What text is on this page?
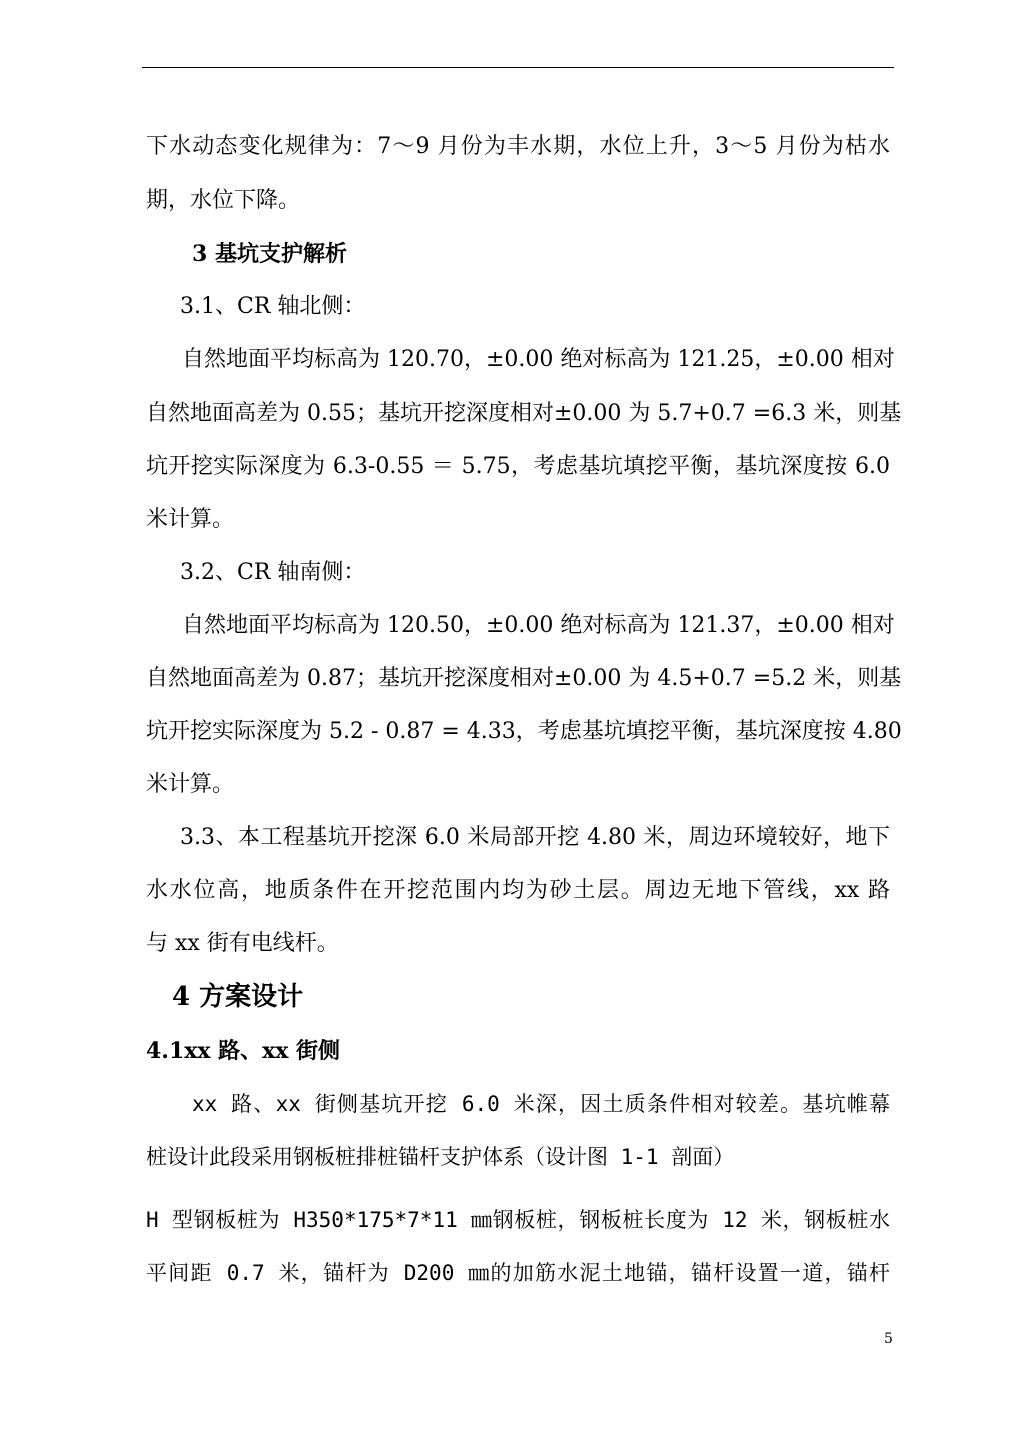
下水动态变化规律为：7～9 月份为丰水期，水位上升，3～5 月份为枯水
期，水位下降。
3 基坑支护解析
3.1、CR 轴北侧：
自然地面平均标高为 120.70，±0.00 绝对标高为 121.25，±0.00 相对
自然地面高差为 0.55；基坑开挖深度相对±0.00 为 5.7+0.7 =6.3 米，则基
坑开挖实际深度为 6.3-0.55 ＝ 5.75，考虑基坑填挖平衡，基坑深度按 6.0
米计算。
3.2、CR 轴南侧：
自然地面平均标高为 120.50，±0.00 绝对标高为 121.37，±0.00 相对
自然地面高差为 0.87；基坑开挖深度相对±0.00 为 4.5+0.7 =5.2 米，则基
坑开挖实际深度为 5.2 - 0.87 = 4.33，考虑基坑填挖平衡，基坑深度按 4.80
米计算。
3.3、本工程基坑开挖深 6.0 米局部开挖 4.80 米，周边环境较好，地下
水水位高，地质条件在开挖范围内均为砂土层。周边无地下管线，xx 路
与 xx 街有电线杆。
4 方案设计
4.1xx 路、xx 街侧
xx 路、xx 街侧基坑开挖 6.0 米深，因土质条件相对较差。基坑帷幕
桩设计此段采用钢板桩排桩锚杆支护体系（设计图 1-1 剖面）
H 型钢板桩为 H350*175*7*11 ㎜钢板桩，钢板桩长度为 12 米，钢板桩水
平间距 0.7 米，锚杆为 D200 ㎜的加筋水泥土地锚，锚杆设置一道，锚杆
5
